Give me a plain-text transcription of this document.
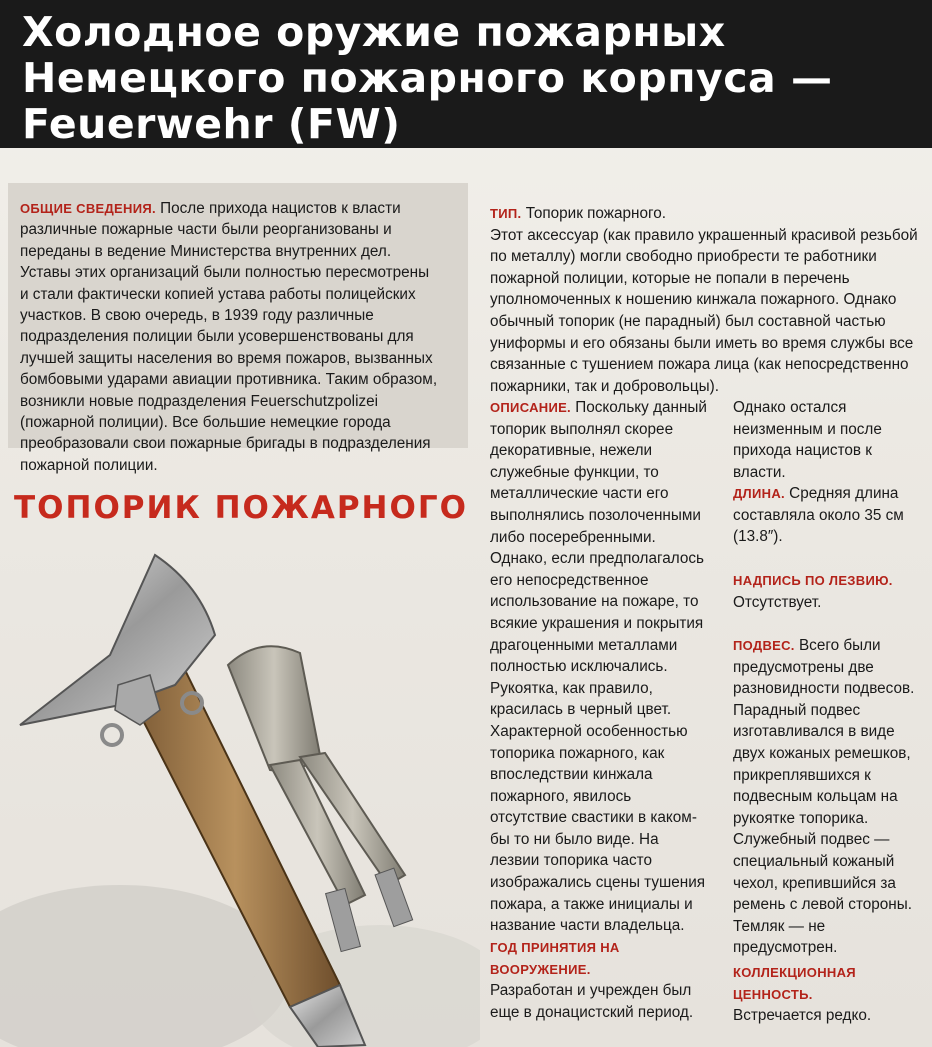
Холодное оружие пожарных
Немецкого пожарного корпуса —
Feuerwehr (FW)

ОБЩИЕ СВЕДЕНИЯ. После прихода нацистов к власти различные пожарные части были реорганизованы и переданы в ведение Министерства внутренних дел. Уставы этих организаций были полностью пересмотрены и стали фактически копией устава работы полицейских участков. В свою очередь, в 1939 году различные подразделения полиции были усовершенствованы для лучшей защиты населения во время пожаров, вызванных бомбовыми ударами авиации противника. Таким образом, возникли новые подразделения Feuerschutzpolizei (пожарной полиции). Все большие немецкие города преобразовали свои пожарные бригады в подразделения пожарной полиции.

ТОПОРИК ПОЖАРНОГО

ТИП. Топорик пожарного.

Этот аксессуар (как правило украшенный красивой резьбой по металлу) могли свободно приобрести те работники пожарной полиции, которые не попали в перечень уполномоченных к ношению кинжала пожарного. Однако обычный топорик (не парадный) был составной частью униформы и его обязаны были иметь во время службы все связанные с тушением пожара лица (как непосредственно пожарники, так и добровольцы).

ОПИСАНИЕ. Поскольку данный топорик выполнял скорее декоративные, нежели служебные функции, то металлические части его выполнялись позолоченными либо посеребренными. Однако, если предполагалось его непосредственное использование на пожаре, то всякие украшения и покрытия драгоценными металлами полностью исключались. Рукоятка, как правило, красилась в черный цвет. Характерной особенностью топорика пожарного, как впоследствии кинжала пожарного, явилось отсутствие свастики в каком-бы то ни было виде. На лезвии топорика часто изображались сцены тушения пожара, а также инициалы и название части владельца.

ГОД ПРИНЯТИЯ НА ВООРУЖЕНИЕ.

Разработан и учрежден был еще в донацистский период.

Однако остался неизменным и после прихода нацистов к власти.

ДЛИНА. Средняя длина составляла около 35 см (13.8″).

НАДПИСЬ ПО ЛЕЗВИЮ.

Отсутствует.

ПОДВЕС. Всего были предусмотрены две разновидности подвесов. Парадный подвес изготавливался в виде двух кожаных ремешков, прикреплявшихся к подвесным кольцам на рукоятке топорика.

Служебный подвес — специальный кожаный чехол, крепившийся за ремень с левой стороны.

Темляк — не предусмотрен.

КОЛЛЕКЦИОННАЯ ЦЕННОСТЬ.

Встречается редко.
